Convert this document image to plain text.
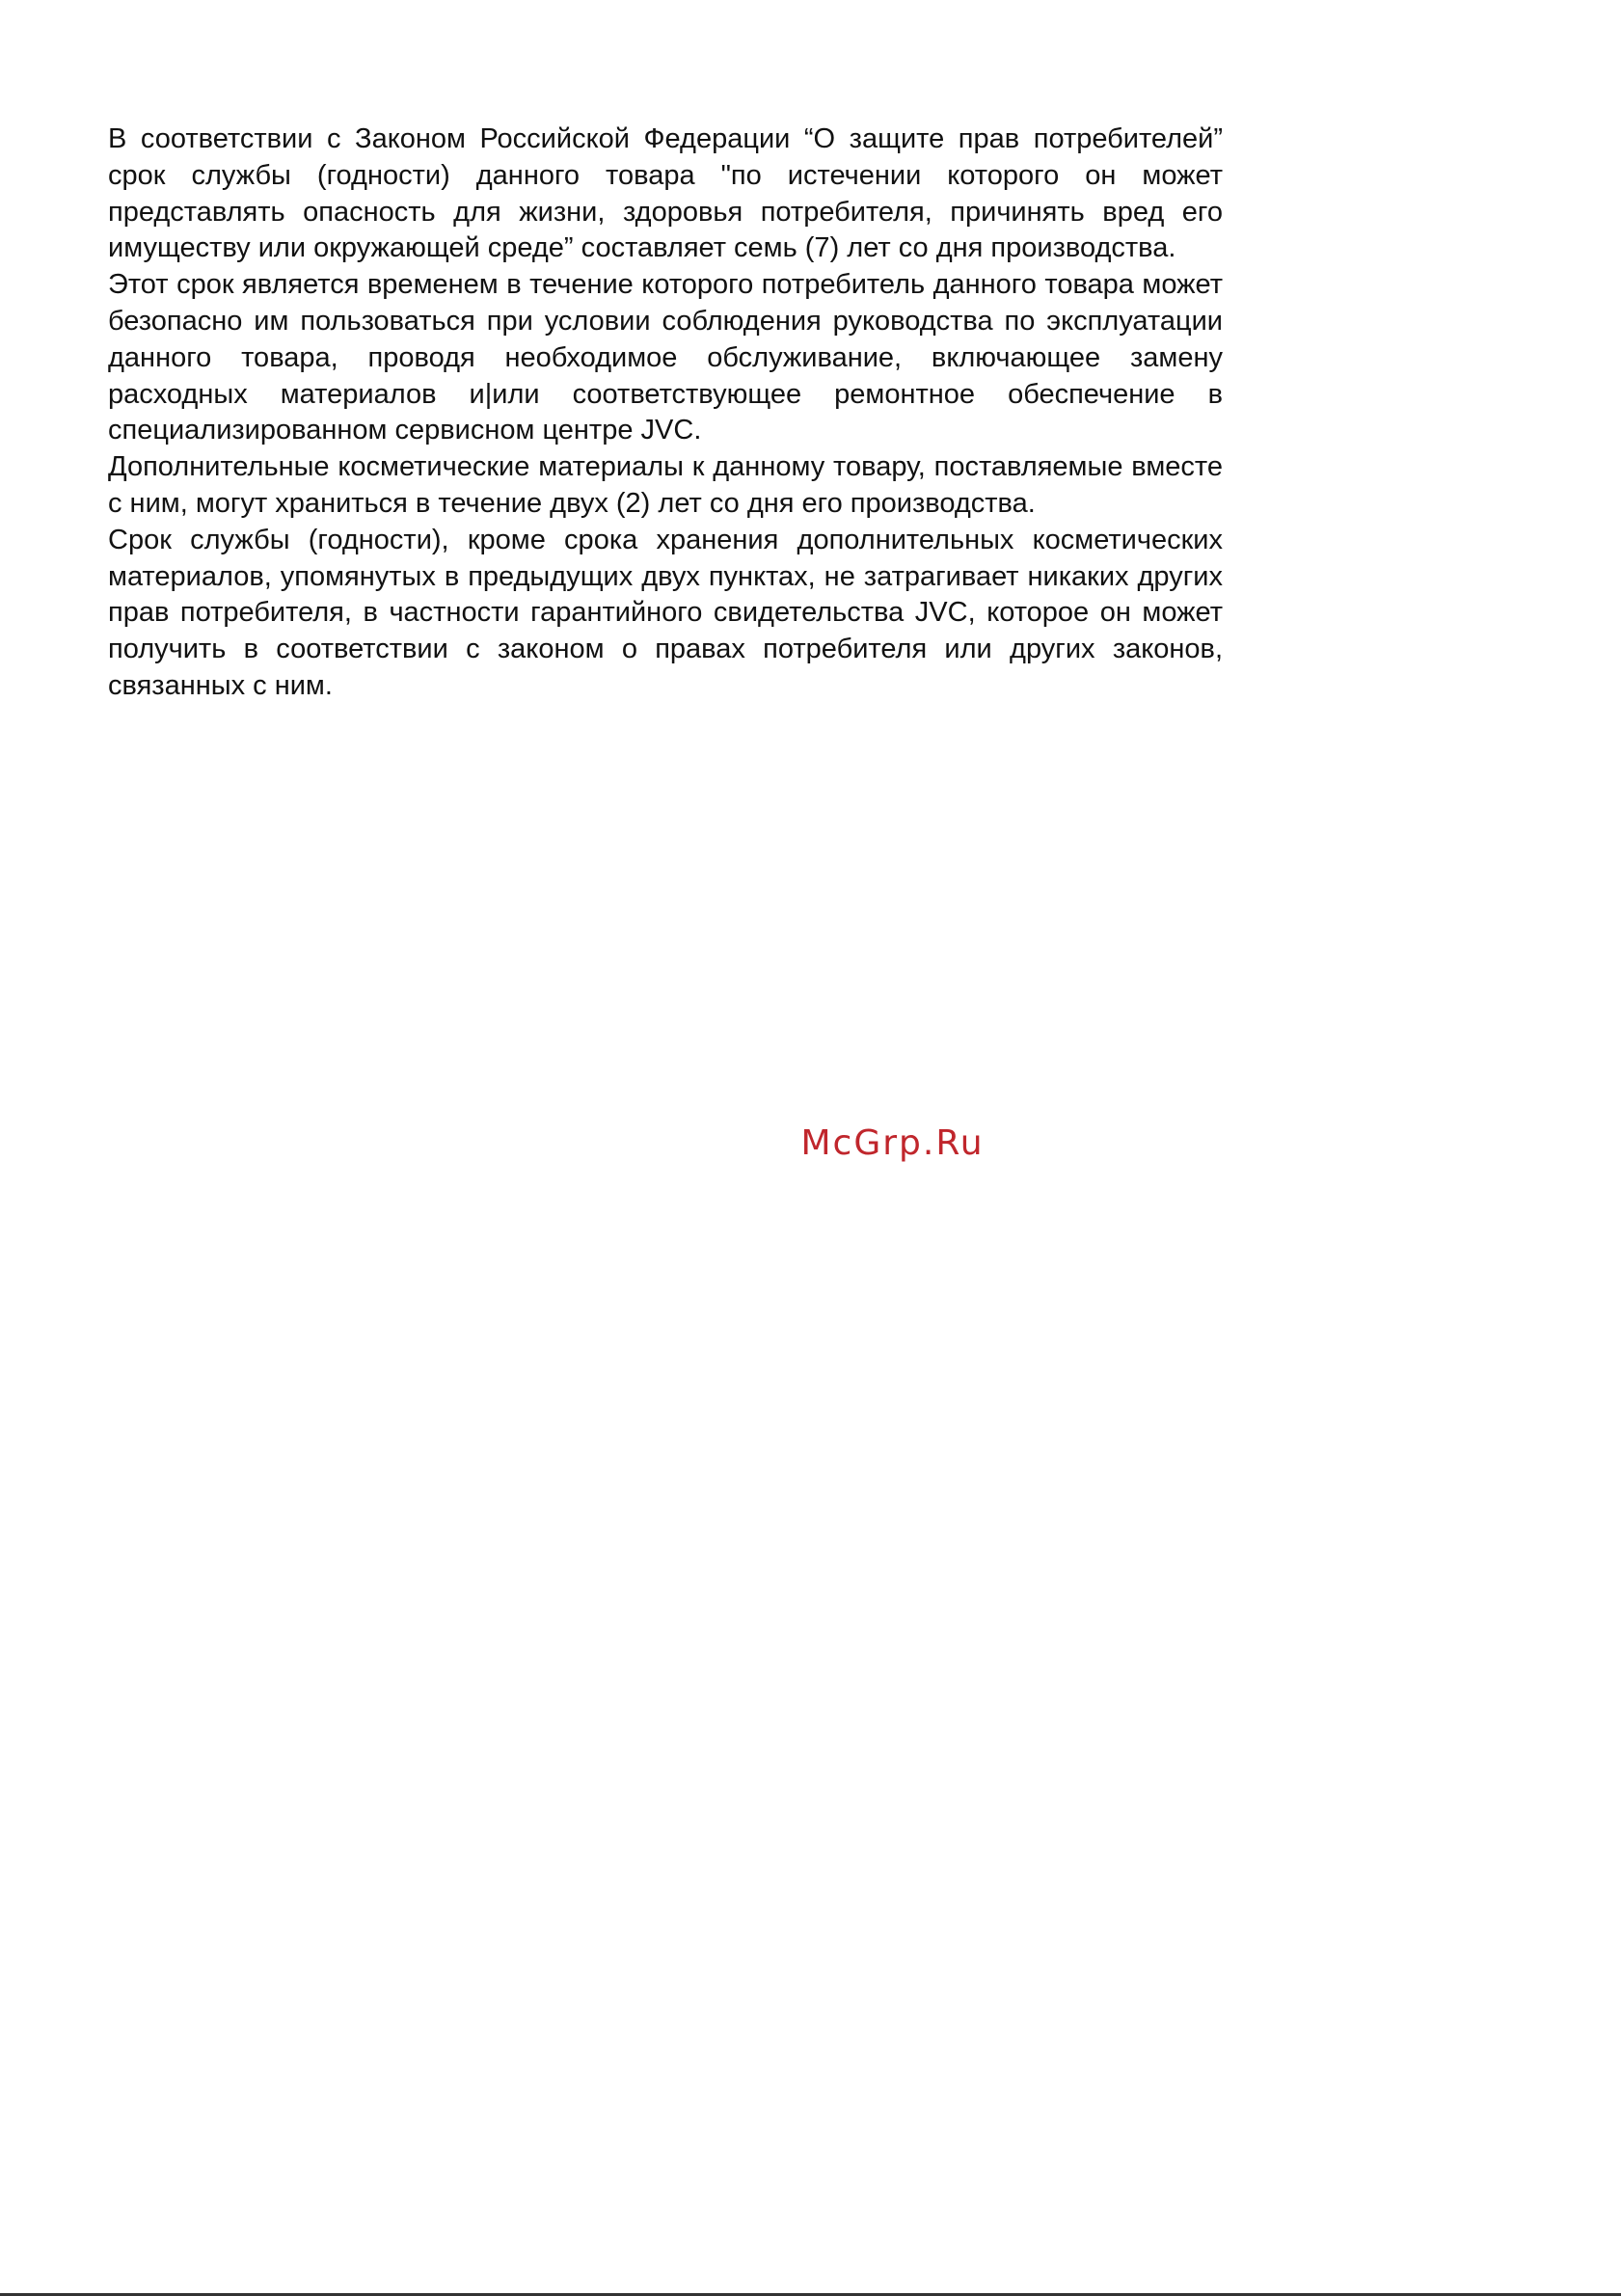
В соответствии с Законом Российской Федерации “О защите прав потребителей” срок службы (годности) данного товара "по истечении которого он может представлять опасность для жизни, здоровья потребителя, причинять вред его имуществу или окружающей среде” составляет семь (7) лет со дня производства.

Этот срок является временем в течение которого потребитель данного товара может безопасно им пользоваться при условии соблюдения руководства по эксплуатации данного товара, проводя необходимое обслуживание, включающее замену расходных материалов и|или соответствующее ремонтное обеспечение в специализированном сервисном центре JVC.

Дополнительные косметические материалы к данному товару, поставляемые вместе с ним, могут храниться в течение двух (2) лет со дня его производства.

Срок службы (годности), кроме срока хранения дополнительных косметических материалов, упомянутых в предыдущих двух пунктах, не затрагивает никаких других прав потребителя, в частности гарантийного свидетельства JVC, которое он может получить в соответствии с законом о правах потребителя или других законов, связанных с ним.

McGrp.Ru
